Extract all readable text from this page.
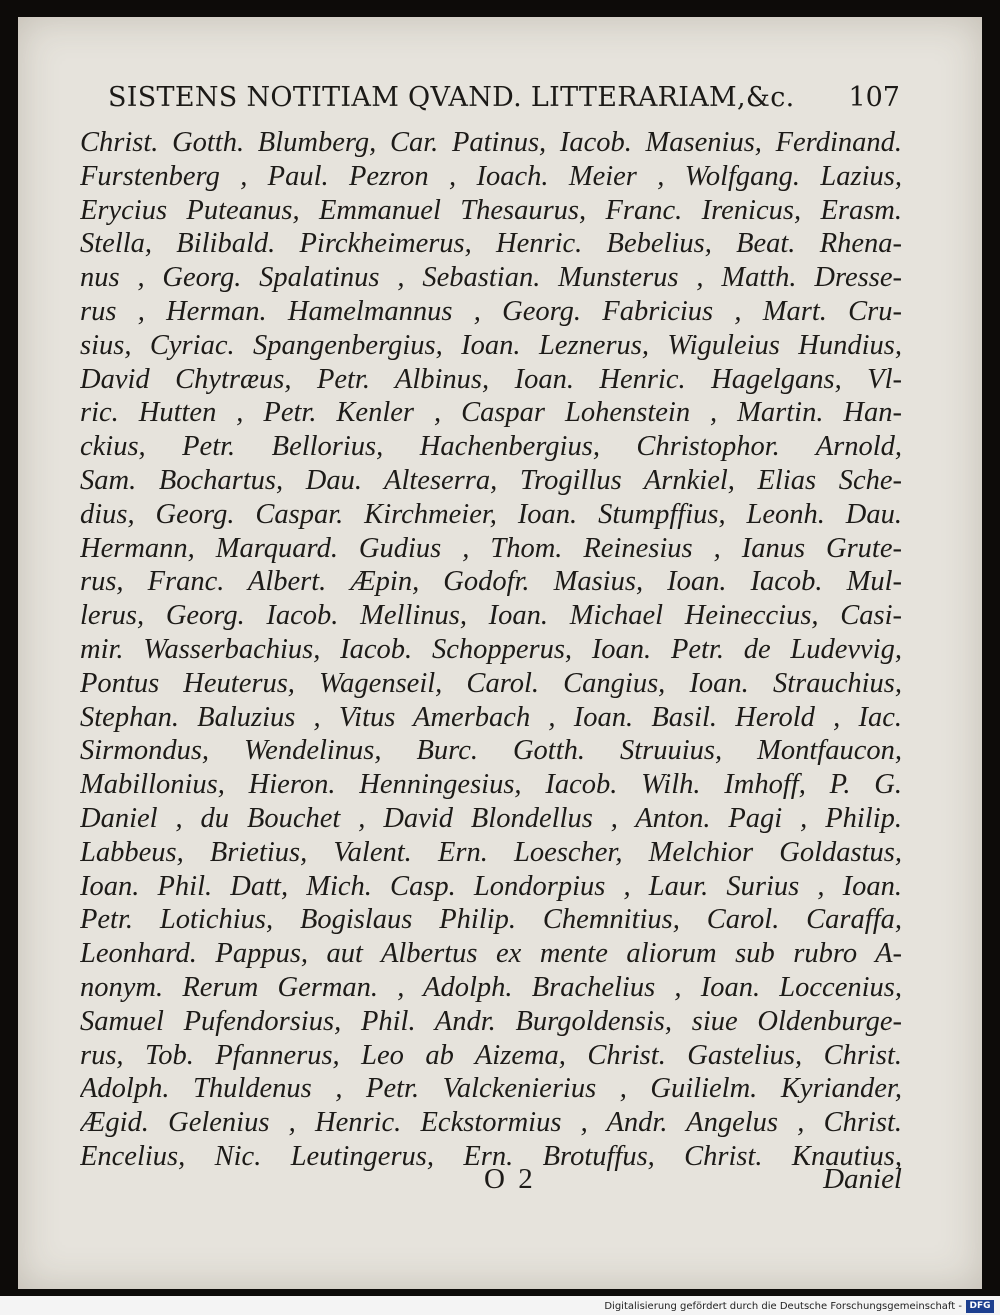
SISTENS NOTITIAM QVAND. LITTERARIAM,&c. 107
Christ. Gotth. Blumberg, Car. Patinus, Iacob. Masenius, Ferdinand.
Furstenberg , Paul. Pezron , Ioach. Meier , Wolfgang. Lazius,
Erycius Puteanus, Emmanuel Thesaurus, Franc. Irenicus, Erasm.
Stella, Bilibald. Pirckheimerus, Henric. Bebelius, Beat. Rhena-
nus , Georg. Spalatinus , Sebastian. Munsterus , Matth. Dresse-
rus , Herman. Hamelmannus , Georg. Fabricius , Mart. Cru-
sius, Cyriac. Spangenbergius, Ioan. Leznerus, Wiguleius Hundius,
David Chytræus, Petr. Albinus, Ioan. Henric. Hagelgans, Vl-
ric. Hutten , Petr. Kenler , Caspar Lohenstein , Martin. Han-
ckius, Petr. Bellorius, Hachenbergius, Christophor. Arnold,
Sam. Bochartus, Dau. Alteserra, Trogillus Arnkiel, Elias Sche-
dius, Georg. Caspar. Kirchmeier, Ioan. Stumpffius, Leonh. Dau.
Hermann, Marquard. Gudius , Thom. Reinesius , Ianus Grute-
rus, Franc. Albert. Æpin, Godofr. Masius, Ioan. Iacob. Mul-
lerus, Georg. Iacob. Mellinus, Ioan. Michael Heineccius, Casi-
mir. Wasserbachius, Iacob. Schopperus, Ioan. Petr. de Ludevvig,
Pontus Heuterus, Wagenseil, Carol. Cangius, Ioan. Strauchius,
Stephan. Baluzius , Vitus Amerbach , Ioan. Basil. Herold , Iac.
Sirmondus, Wendelinus, Burc. Gotth. Struuius, Montfaucon,
Mabillonius, Hieron. Henningesius, Iacob. Wilh. Imhoff, P. G.
Daniel , du Bouchet , David Blondellus , Anton. Pagi , Philip.
Labbeus, Brietius, Valent. Ern. Loescher, Melchior Goldastus,
Ioan. Phil. Datt, Mich. Casp. Londorpius , Laur. Surius , Ioan.
Petr. Lotichius, Bogislaus Philip. Chemnitius, Carol. Caraffa,
Leonhard. Pappus, aut Albertus ex mente aliorum sub rubro A-
nonym. Rerum German. , Adolph. Brachelius , Ioan. Loccenius,
Samuel Pufendorsius, Phil. Andr. Burgoldensis, siue Oldenburge-
rus, Tob. Pfannerus, Leo ab Aizema, Christ. Gastelius, Christ.
Adolph. Thuldenus , Petr. Valckenierius , Guilielm. Kyriander,
Ægid. Gelenius , Henric. Eckstormius , Andr. Angelus , Christ.
Encelius, Nic. Leutingerus, Ern. Brotuffus, Christ. Knautius,
O 2	Daniel
Digitalisierung gefördert durch die Deutsche Forschungsgemeinschaft - DFG
